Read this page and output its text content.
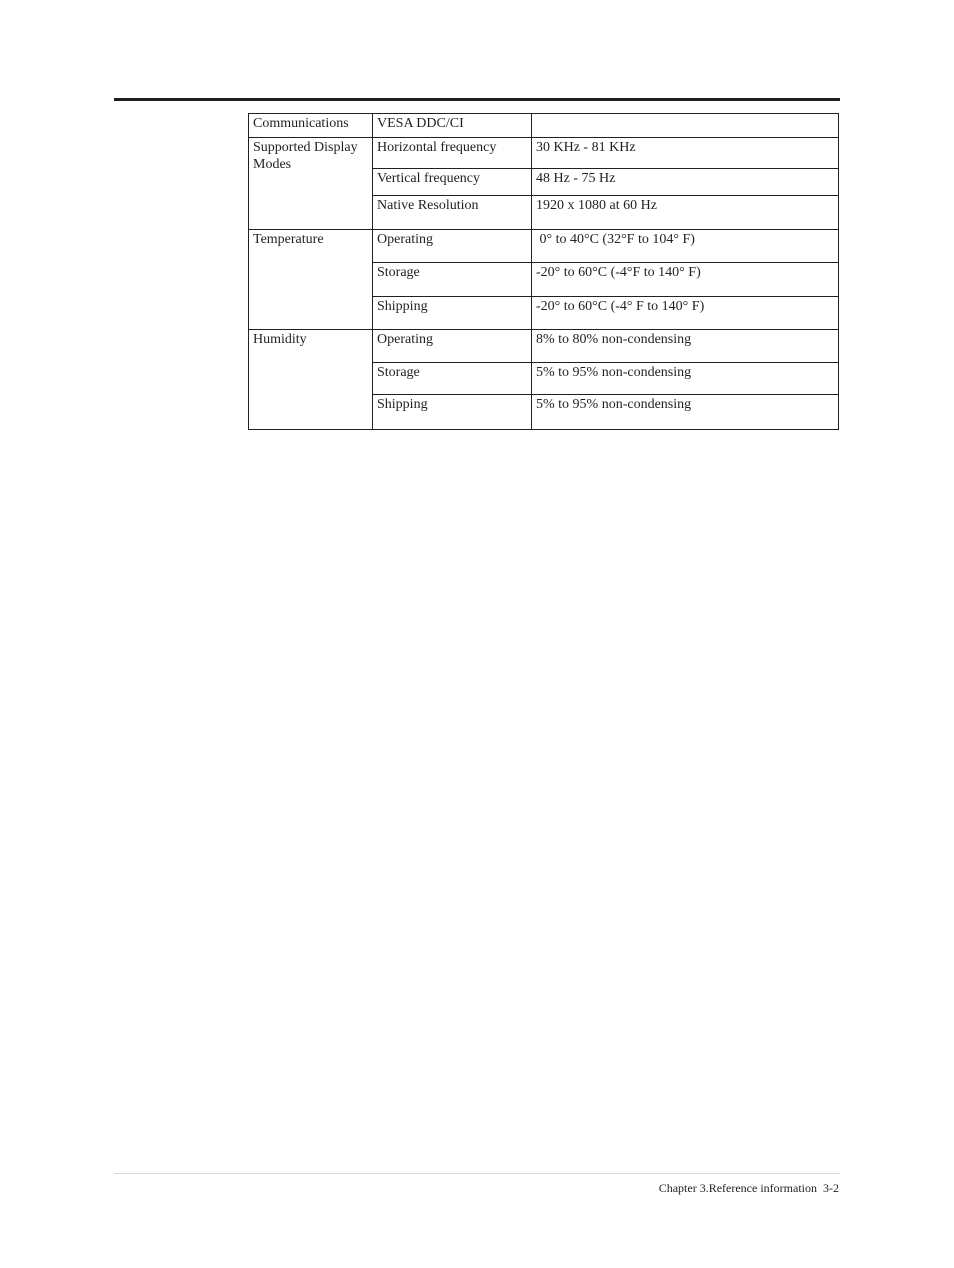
Communications	VESA DDC/CI	
Supported Display Modes	Horizontal frequency	30 KHz - 81 KHz
	Vertical frequency	48 Hz - 75 Hz
	Native Resolution	1920 x 1080 at 60 Hz
Temperature	Operating	0° to 40°C (32°F to 104° F)
	Storage	-20° to 60°C (-4°F to 140° F)
	Shipping	-20° to 60°C (-4° F to 140° F)
Humidity	Operating	8% to 80% non-condensing
	Storage	5% to 95% non-condensing
	Shipping	5% to 95% non-condensing
Chapter 3.Reference information 3-2
